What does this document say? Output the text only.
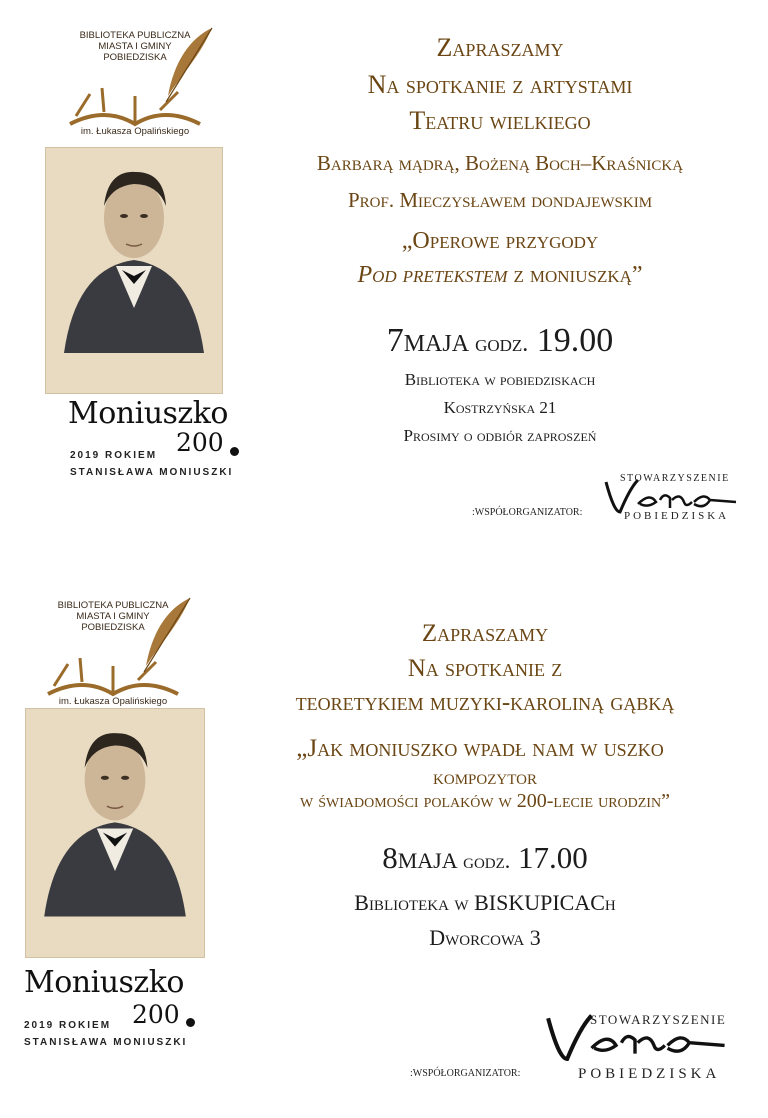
BIBLIOTEKA PUBLICZNA
MIASTA I GMINY
POBIEDZISKA
im. Łukasza Opalińskiego
Moniuszko
200
2019 ROKIEM
STANISŁAWA MONIUSZKI
Zapraszamy
Na spotkanie z artystami
Teatru wielkiego
Barbarą mądrą, Bożeną Boch–Kraśnicką
Prof. Mieczysławem dondajewskim
„Operowe przygody
Pod pretekstem z moniuszką”
7maja godz. 19.00
Biblioteka w pobiedziskach
Kostrzyńska 21
Prosimy o odbiór zaproszeń
:WSPÓŁORGANIZATOR:
STOWARZYSZENIE
POBIEDZISKA
BIBLIOTEKA PUBLICZNA
MIASTA I GMINY
POBIEDZISKA
im. Łukasza Opalińskiego
Moniuszko
200
2019 ROKIEM
STANISŁAWA MONIUSZKI
Zapraszamy
Na spotkanie z
teoretykiem muzyki-karoliną gąbką
„Jak moniuszko wpadł nam w uszko
kompozytor
w świadomości polaków w 200-lecie urodzin”
8maja godz. 17.00
Biblioteka w BISKUPICACh
Dworcowa 3
:WSPÓŁORGANIZATOR:
STOWARZYSZENIE
POBIEDZISKA
